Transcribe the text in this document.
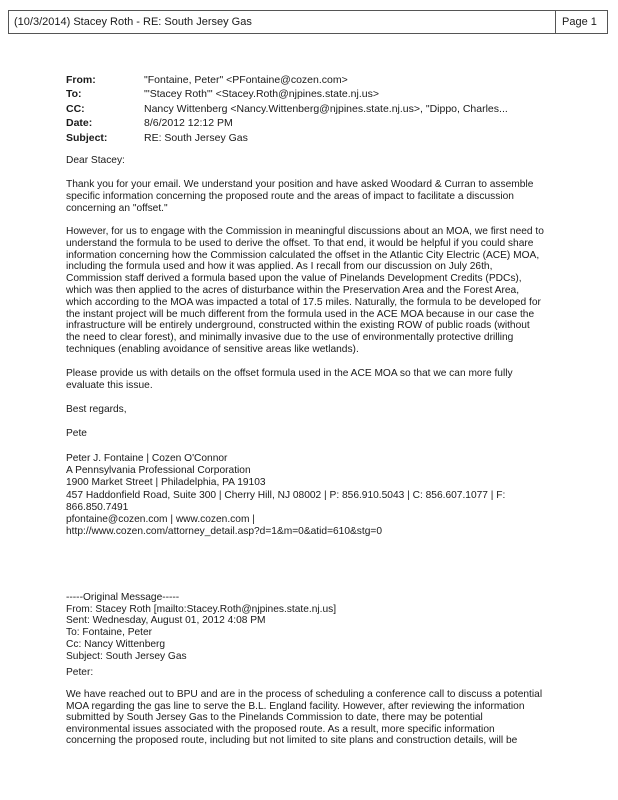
(10/3/2014) Stacey Roth - RE: South Jersey Gas	Page 1
From:	"Fontaine, Peter" <PFontaine@cozen.com>
To:	"'Stacey Roth'" <Stacey.Roth@njpines.state.nj.us>
CC:	Nancy Wittenberg <Nancy.Wittenberg@njpines.state.nj.us>, "Dippo, Charles...
Date:	8/6/2012 12:12 PM
Subject:	RE: South Jersey Gas
Dear Stacey:
Thank you for your email. We understand your position and have asked Woodard & Curran to assemble
specific information concerning the proposed route and the areas of impact to facilitate a discussion
concerning an "offset."
However, for us to engage with the Commission in meaningful discussions about an MOA, we first need to
understand the formula to be used to derive the offset. To that end, it would be helpful if you could share
information concerning how the Commission calculated the offset in the Atlantic City Electric (ACE) MOA,
including the formula used and how it was applied. As I recall from our discussion on July 26th,
Commission staff derived a formula based upon the value of Pinelands Development Credits (PDCs),
which was then applied to the acres of disturbance within the Preservation Area and the Forest Area,
which according to the MOA was impacted a total of 17.5 miles. Naturally, the formula to be developed for
the instant project will be much different from the formula used in the ACE MOA because in our case the
infrastructure will be entirely underground, constructed within the existing ROW of public roads (without
the need to clear forest), and minimally invasive due to the use of environmentally protective drilling
techniques (enabling avoidance of sensitive areas like wetlands).
Please provide us with details on the offset formula used in the ACE MOA so that we can more fully
evaluate this issue.
Best regards,
Pete
Peter J. Fontaine | Cozen O'Connor
A Pennsylvania Professional Corporation
1900 Market Street | Philadelphia, PA 19103
457 Haddonfield Road, Suite 300 | Cherry Hill, NJ 08002 | P: 856.910.5043 | C: 856.607.1077 | F:
866.850.7491
pfontaine@cozen.com | www.cozen.com |
http://www.cozen.com/attorney_detail.asp?d=1&m=0&atid=610&stg=0
-----Original Message-----
From: Stacey Roth [mailto:Stacey.Roth@njpines.state.nj.us]
Sent: Wednesday, August 01, 2012 4:08 PM
To: Fontaine, Peter
Cc: Nancy Wittenberg
Subject: South Jersey Gas
Peter:
We have reached out to BPU and are in the process of scheduling a conference call to discuss a potential
MOA regarding the gas line to serve the B.L. England facility. However, after reviewing the information
submitted by South Jersey Gas to the Pinelands Commission to date, there may be potential
environmental issues associated with the proposed route. As a result, more specific information
concerning the proposed route, including but not limited to site plans and construction details, will be
